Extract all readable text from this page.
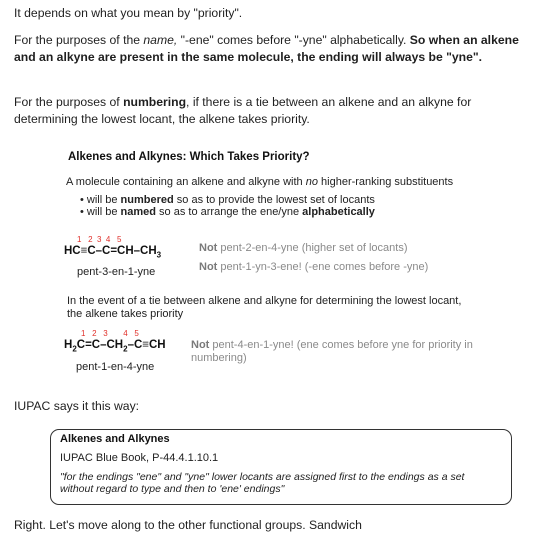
It depends on what you mean by "priority".
For the purposes of the name, "-ene" comes before "-yne" alphabetically. So when an alkene and an alkyne are present in the same molecule, the ending will always be "yne".
For the purposes of numbering, if there is a tie between an alkene and an alkyne for determining the lowest locant, the alkene takes priority.
Alkenes and Alkynes: Which Takes Priority?
A molecule containing an alkene and alkyne with no higher-ranking substituents
• will be numbered so as to provide the lowest set of locants
• will be named so as to arrange the ene/yne alphabetically
1   2  3  4   5
$HC\equiv C-C=CH-CH_3$
pent-3-en-1-yne
Not pent-2-en-4-yne (higher set of locants)
Not pent-1-yn-3-ene! (-ene comes before -yne)
In the event of a tie between alkene and alkyne for determining the lowest locant, the alkene takes priority
1   2   3       4   5
$H_2C=C-CH_2-C\equiv CH$
pent-1-en-4-yne
Not pent-4-en-1-yne! (ene comes before yne for priority in numbering)
IUPAC says it this way:
Alkenes and Alkynes
IUPAC Blue Book, P-44.4.1.10.1
"for the endings "ene" and "yne" lower locants are assigned first to the endings as a set without regard to type and then to 'ene' endings"
Right. Let's move along to the other functional groups. Sandwich
